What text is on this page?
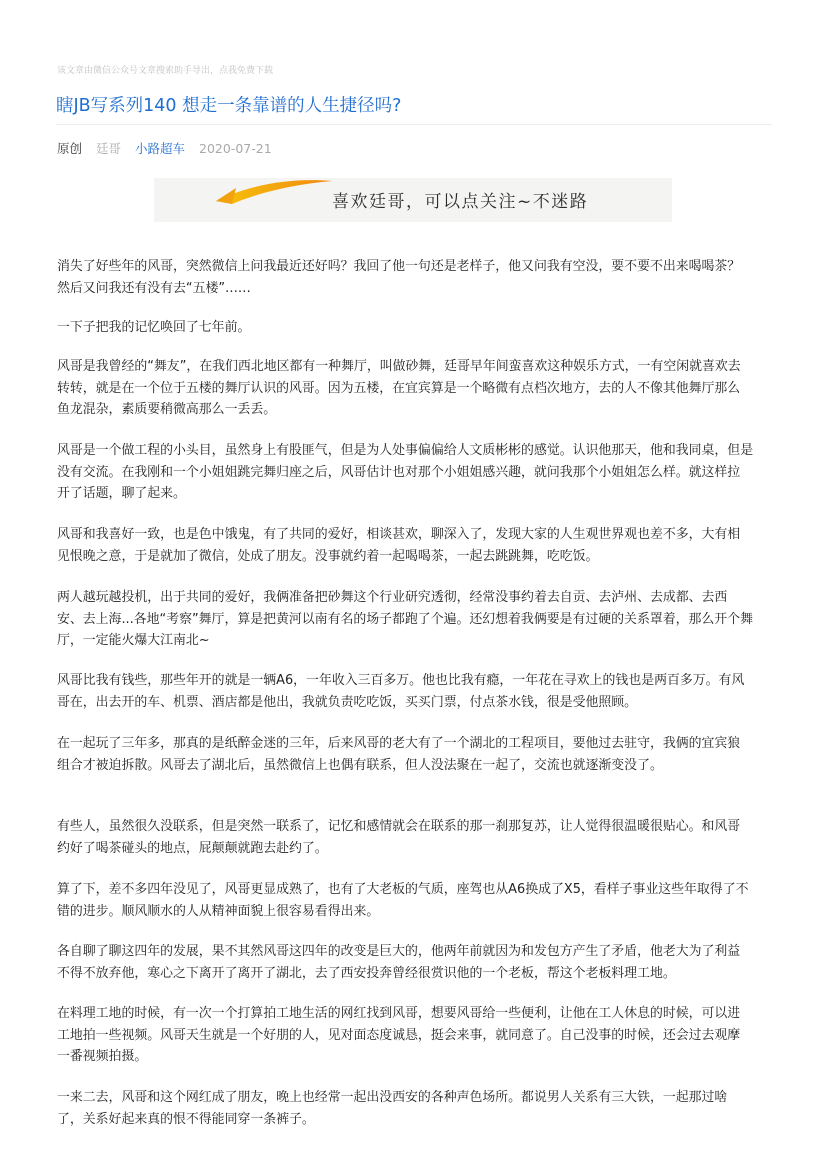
该文章由微信公众号文章搜索助手导出，点我免费下载
瞎JB写系列140 想走一条靠谱的人生捷径吗?
原创 廷哥 小路超车 2020-07-21
喜欢廷哥，可以点关注~不迷路
消失了好些年的风哥，突然微信上问我最近还好吗？我回了他一句还是老样子，他又问我有空没，要不要不出来喝喝茶？
然后又问我还有没有去“五楼”……
一下子把我的记忆唤回了七年前。
风哥是我曾经的“舞友”，在我们西北地区都有一种舞厅，叫做砂舞，廷哥早年间蛮喜欢这种娱乐方式，一有空闲就喜欢去
转转，就是在一个位于五楼的舞厅认识的风哥。因为五楼，在宜宾算是一个略微有点档次地方，去的人不像其他舞厅那么
鱼龙混杂，素质要稍微高那么一丢丢。
风哥是一个做工程的小头目，虽然身上有股匪气，但是为人处事偏偏给人文质彬彬的感觉。认识他那天，他和我同桌，但是
没有交流。在我刚和一个小姐姐跳完舞归座之后，风哥估计也对那个小姐姐感兴趣，就问我那个小姐姐怎么样。就这样拉
开了话题，聊了起来。
风哥和我喜好一致，也是色中饿鬼，有了共同的爱好，相谈甚欢，聊深入了，发现大家的人生观世界观也差不多，大有相
见恨晚之意，于是就加了微信，处成了朋友。没事就约着一起喝喝茶，一起去跳跳舞，吃吃饭。
两人越玩越投机，出于共同的爱好，我俩准备把砂舞这个行业研究透彻，经常没事约着去自贡、去泸州、去成都、去西
安、去上海...各地“考察”舞厅，算是把黄河以南有名的场子都跑了个遍。还幻想着我俩要是有过硬的关系罩着，那么开个舞
厅，一定能火爆大江南北~
风哥比我有钱些，那些年开的就是一辆A6，一年收入三百多万。他也比我有瘾，一年花在寻欢上的钱也是两百多万。有风
哥在，出去开的车、机票、酒店都是他出，我就负责吃吃饭，买买门票，付点茶水钱，很是受他照顾。
在一起玩了三年多，那真的是纸醉金迷的三年，后来风哥的老大有了一个湖北的工程项目，要他过去驻守，我俩的宜宾狼
组合才被迫拆散。风哥去了湖北后，虽然微信上也偶有联系，但人没法聚在一起了，交流也就逐渐变没了。
有些人，虽然很久没联系，但是突然一联系了，记忆和感情就会在联系的那一刹那复苏，让人觉得很温暖很贴心。和风哥
约好了喝茶碰头的地点，屁颠颠就跑去赴约了。
算了下，差不多四年没见了，风哥更显成熟了，也有了大老板的气质，座驾也从A6换成了X5，看样子事业这些年取得了不
错的进步。顺风顺水的人从精神面貌上很容易看得出来。
各自聊了聊这四年的发展，果不其然风哥这四年的改变是巨大的，他两年前就因为和发包方产生了矛盾，他老大为了利益
不得不放弃他，寒心之下离开了离开了湖北，去了西安投奔曾经很赏识他的一个老板，帮这个老板料理工地。
在料理工地的时候，有一次一个打算拍工地生活的网红找到风哥，想要风哥给一些便利，让他在工人休息的时候，可以进
工地拍一些视频。风哥天生就是一个好朋的人，见对面态度诚恳，挺会来事，就同意了。自己没事的时候，还会过去观摩
一番视频拍摄。
一来二去，风哥和这个网红成了朋友，晚上也经常一起出没西安的各种声色场所。都说男人关系有三大铁，一起那过啥
了，关系好起来真的恨不得能同穿一条裤子。
